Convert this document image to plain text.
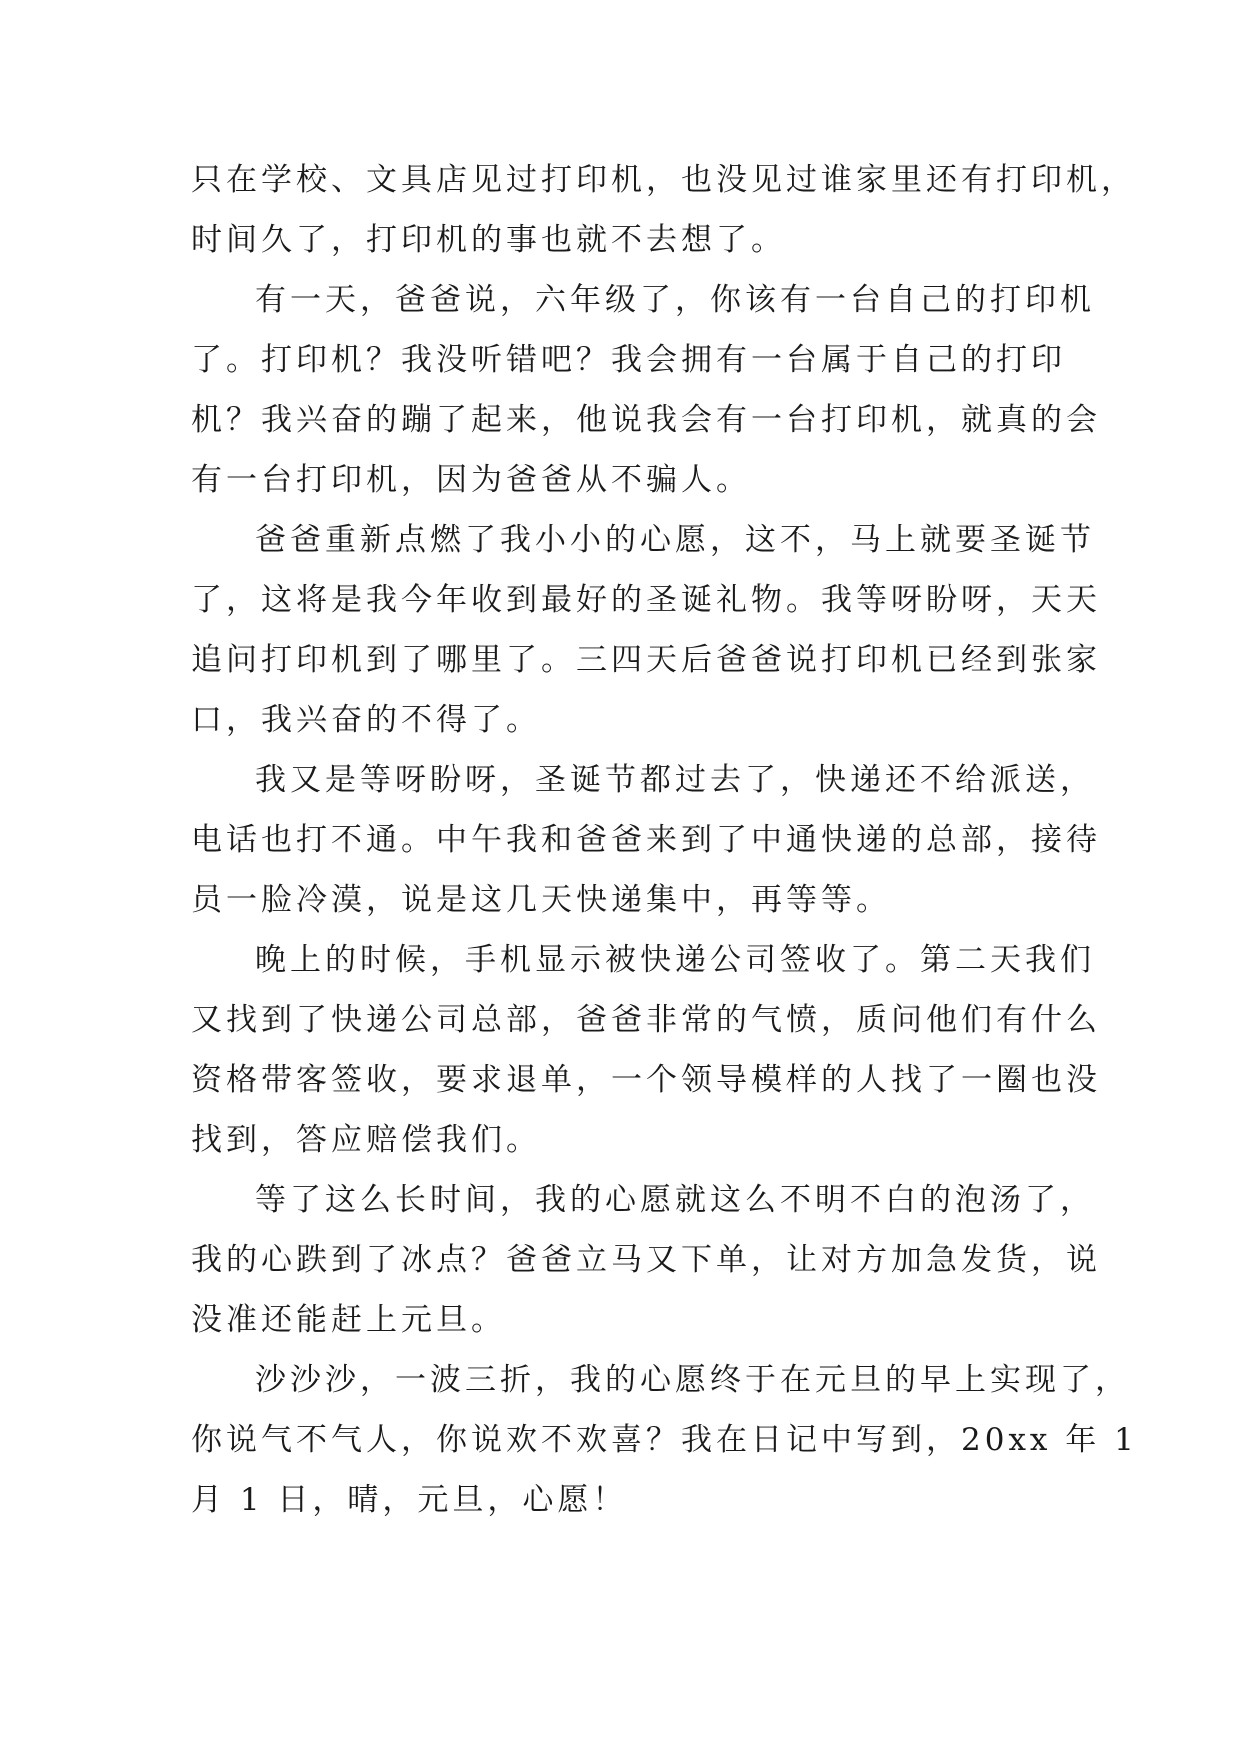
只在学校、文具店见过打印机，也没见过谁家里还有打印机，
时间久了，打印机的事也就不去想了。
有一天，爸爸说，六年级了，你该有一台自己的打印机
了。打印机？我没听错吧？我会拥有一台属于自己的打印
机？我兴奋的蹦了起来，他说我会有一台打印机，就真的会
有一台打印机，因为爸爸从不骗人。
爸爸重新点燃了我小小的心愿，这不，马上就要圣诞节
了，这将是我今年收到最好的圣诞礼物。我等呀盼呀，天天
追问打印机到了哪里了。三四天后爸爸说打印机已经到张家
口，我兴奋的不得了。
我又是等呀盼呀，圣诞节都过去了，快递还不给派送，
电话也打不通。中午我和爸爸来到了中通快递的总部，接待
员一脸冷漠，说是这几天快递集中，再等等。
晚上的时候，手机显示被快递公司签收了。第二天我们
又找到了快递公司总部，爸爸非常的气愤，质问他们有什么
资格带客签收，要求退单，一个领导模样的人找了一圈也没
找到，答应赔偿我们。
等了这么长时间，我的心愿就这么不明不白的泡汤了，
我的心跌到了冰点？爸爸立马又下单，让对方加急发货，说
没准还能赶上元旦。
沙沙沙，一波三折，我的心愿终于在元旦的早上实现了，
你说气不气人，你说欢不欢喜？我在日记中写到，20xx 年 1
月 1 日，晴，元旦，心愿！
